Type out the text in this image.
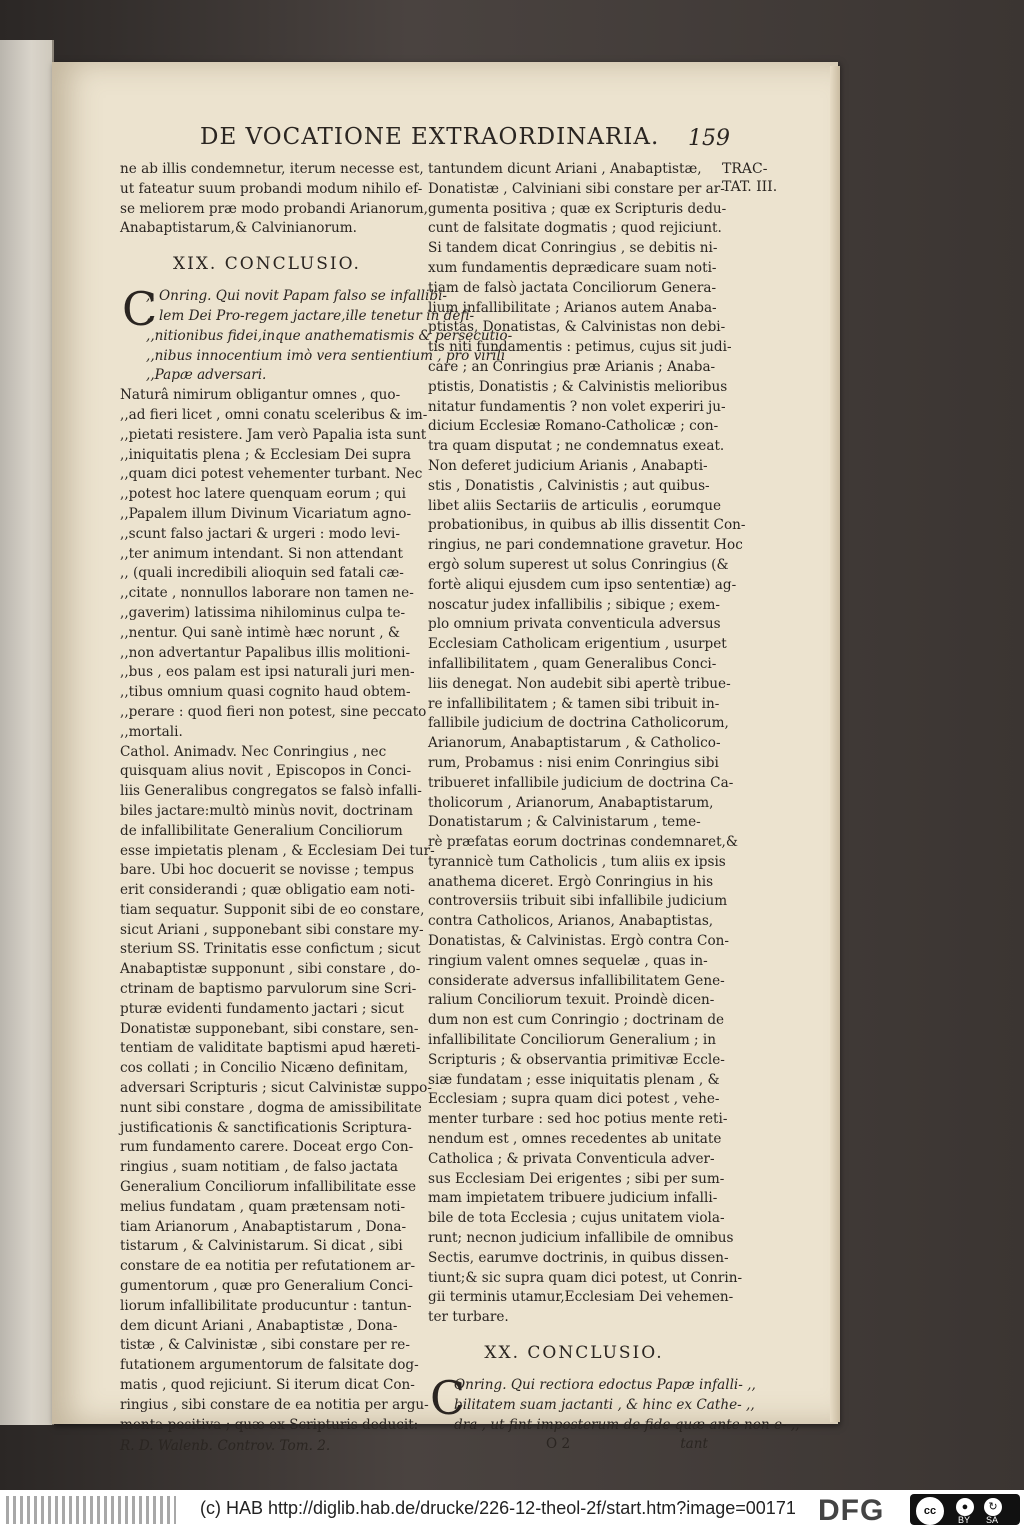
DE VOCATIONE EXTRAORDINARIA.	159
TRAC-
TAT. III.
ne ab illis condemnetur, iterum necesse est,
ut fateatur suum probandi modum nihilo ef-
se meliorem præ modo probandi Arianorum,
Anabaptistarum,& Calvinianorum.
XIX. CONCLUSIO.
C
,, Onring. Qui novit Papam falso se infallibi-
,, lem Dei Pro-regem jactare,ille tenetur in defi-
,,nitionibus fidei,inque anathematismis & persecutio-
,,nibus innocentium imò vera sentientium , pro virili
,,Papæ adversari.
Naturâ nimirum obligantur omnes , quo-
,,ad fieri licet , omni conatu sceleribus & im-
,,pietati resistere. Jam verò Papalia ista sunt
,,iniquitatis plena ; & Ecclesiam Dei supra
,,quam dici potest vehementer turbant. Nec
,,potest hoc latere quenquam eorum ; qui
,,Papalem illum Divinum Vicariatum agno-
,,scunt falso jactari & urgeri : modo levi-
,,ter animum intendant. Si non attendant
,, (quali incredibili alioquin sed fatali cæ-
,,citate , nonnullos laborare non tamen ne-
,,gaverim) latissima nihilominus culpa te-
,,nentur. Qui sanè intimè hæc norunt , &
,,non advertantur Papalibus illis molitioni-
,,bus , eos palam est ipsi naturali juri men-
,,tibus omnium quasi cognito haud obtem-
,,perare : quod fieri non potest, sine peccato
,,mortali.
Cathol. Animadv. Nec Conringius , nec
quisquam alius novit , Episcopos in Conci-
liis Generalibus congregatos se falsò infalli-
biles jactare:multò minùs novit, doctrinam
de infallibilitate Generalium Conciliorum
esse impietatis plenam , & Ecclesiam Dei tur-
bare. Ubi hoc docuerit se novisse ; tempus
erit considerandi ; quæ obligatio eam noti-
tiam sequatur. Supponit sibi de eo constare,
sicut Ariani , supponebant sibi constare my-
sterium SS. Trinitatis esse confictum ; sicut
Anabaptistæ supponunt , sibi constare , do-
ctrinam de baptismo parvulorum sine Scri-
pturæ evidenti fundamento jactari ; sicut
Donatistæ supponebant, sibi constare, sen-
tentiam de validitate baptismi apud hæreti-
cos collati ; in Concilio Nicæno definitam,
adversari Scripturis ; sicut Calvinistæ suppo-
nunt sibi constare , dogma de amissibilitate
justificationis & sanctificationis Scriptura-
rum fundamento carere. Doceat ergo Con-
ringius , suam notitiam , de falso jactata
Generalium Conciliorum infallibilitate esse
melius fundatam , quam prætensam noti-
tiam Arianorum , Anabaptistarum , Dona-
tistarum , & Calvinistarum. Si dicat , sibi
constare de ea notitia per refutationem ar-
gumentorum , quæ pro Generalium Conci-
liorum infallibilitate producuntur : tantun-
dem dicunt Ariani , Anabaptistæ , Dona-
tistæ , & Calvinistæ , sibi constare per re-
futationem argumentorum de falsitate dog-
matis , quod rejiciunt. Si iterum dicat Con-
ringius , sibi constare de ea notitia per argu-
menta positiva ; quæ ex Scripturis deducit:
R. D. Walenb. Controv. Tom. 2.
tantundem dicunt Ariani , Anabaptistæ,
Donatistæ , Calviniani sibi constare per ar-
gumenta positiva ; quæ ex Scripturis dedu-
cunt de falsitate dogmatis ; quod rejiciunt.
Si tandem dicat Conringius , se debitis ni-
xum fundamentis deprædicare suam noti-
tiam de falsò jactata Conciliorum Genera-
lium infallibilitate ; Arianos autem Anaba-
ptistas, Donatistas, & Calvinistas non debi-
tis niti fundamentis : petimus, cujus sit judi-
care ; an Conringius præ Arianis ; Anaba-
ptistis, Donatistis ; & Calvinistis melioribus
nitatur fundamentis ? non volet experiri ju-
dicium Ecclesiæ Romano-Catholicæ ; con-
tra quam disputat ; ne condemnatus exeat.
Non deferet judicium Arianis , Anabapti-
stis , Donatistis , Calvinistis ; aut quibus-
libet aliis Sectariis de articulis , eorumque
probationibus, in quibus ab illis dissentit Con-
ringius, ne pari condemnatione gravetur. Hoc
ergò solum superest ut solus Conringius (&
fortè aliqui ejusdem cum ipso sententiæ) ag-
noscatur judex infallibilis ; sibique ; exem-
plo omnium privata conventicula adversus
Ecclesiam Catholicam erigentium , usurpet
infallibilitatem , quam Generalibus Conci-
liis denegat. Non audebit sibi apertè tribue-
re infallibilitatem ; & tamen sibi tribuit in-
fallibile judicium de doctrina Catholicorum,
Arianorum, Anabaptistarum , & Catholico-
rum, Probamus : nisi enim Conringius sibi
tribueret infallibile judicium de doctrina Ca-
tholicorum , Arianorum, Anabaptistarum,
Donatistarum ; & Calvinistarum , teme-
rè præfatas eorum doctrinas condemnaret,&
tyrannicè tum Catholicis , tum aliis ex ipsis
anathema diceret. Ergò Conringius in his
controversiis tribuit sibi infallibile judicium
contra Catholicos, Arianos, Anabaptistas,
Donatistas, & Calvinistas. Ergò contra Con-
ringium valent omnes sequelæ , quas in-
considerate adversus infallibilitatem Gene-
ralium Conciliorum texuit. Proindè dicen-
dum non est cum Conringio ; doctrinam de
infallibilitate Conciliorum Generalium ; in
Scripturis ; & observantia primitivæ Eccle-
siæ fundatam ; esse iniquitatis plenam , &
Ecclesiam ; supra quam dici potest , vehe-
menter turbare : sed hoc potius mente reti-
nendum est , omnes recedentes ab unitate
Catholica ; & privata Conventicula adver-
sus Ecclesiam Dei erigentes ; sibi per sum-
mam impietatem tribuere judicium infalli-
bile de tota Ecclesia ; cujus unitatem viola-
runt; necnon judicium infallibile de omnibus
Sectis, earumve doctrinis, in quibus dissen-
tiunt;& sic supra quam dici potest, ut Conrin-
gii terminis utamur,Ecclesiam Dei vehemen-
ter turbare.
XX. CONCLUSIO.
C
Onring. Qui rectiora edoctus Papæ infalli- ,,
bilitatem suam jactanti , & hinc ex Cathe- ,,
dra , ut fint imposterum de fide quæ ante non e- ,,
O 2	tant
(c) HAB http://diglib.hab.de/drucke/226-12-theol-2f/start.htm?image=00171 DFG	cc	●	↻
BY SA
